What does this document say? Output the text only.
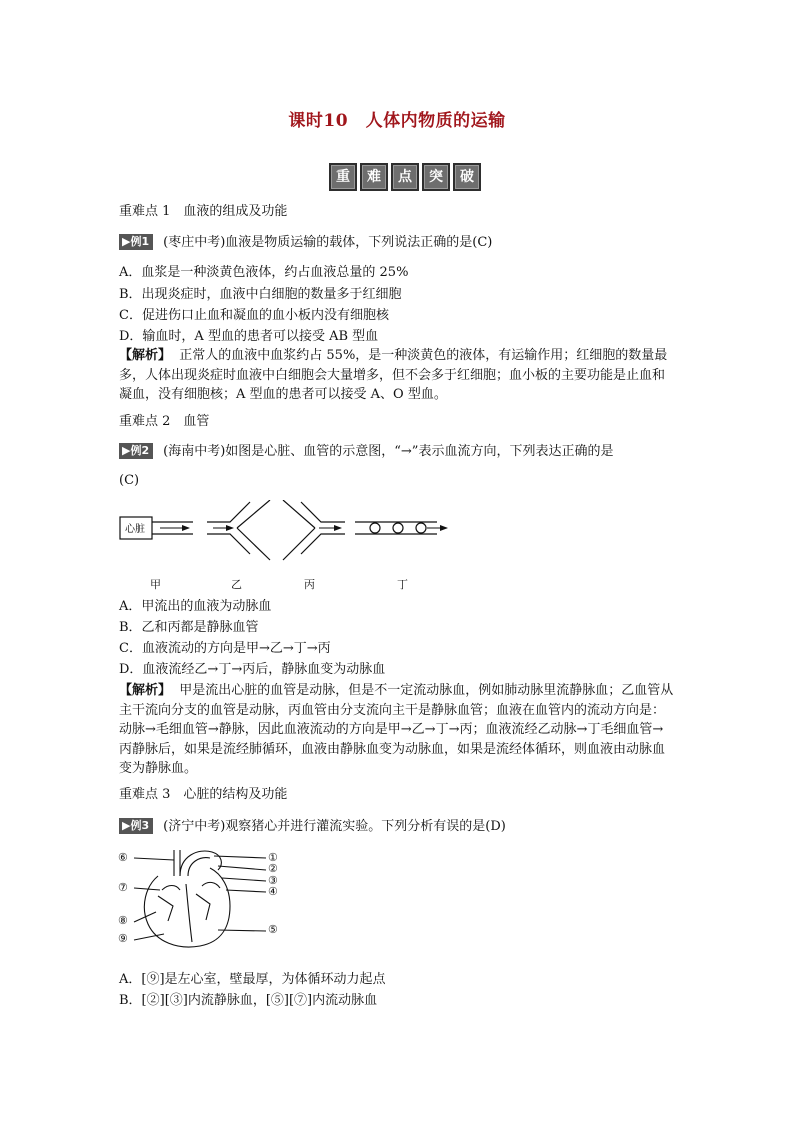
课时10　人体内物质的运输
重	难	点	突	破
重难点 1　血液的组成及功能
▶例1 (枣庄中考)血液是物质运输的载体，下列说法正确的是(C)
A．血浆是一种淡黄色液体，约占血液总量的 25%
B．出现炎症时，血液中白细胞的数量多于红细胞
C．促进伤口止血和凝血的血小板内没有细胞核
D．输血时，A 型血的患者可以接受 AB 型血
【解析】 正常人的血液中血浆约占 55%，是一种淡黄色的液体，有运输作用；红细胞的数量最多，人体出现炎症时血液中白细胞会大量增多，但不会多于红细胞；血小板的主要功能是止血和凝血，没有细胞核；A 型血的患者可以接受 A、O 型血。
重难点 2　血管
▶例2 (海南中考)如图是心脏、血管的示意图，“→”表示血流方向，下列表达正确的是
(C)
心脏
甲	乙	丙	丁
A．甲流出的血液为动脉血
B．乙和丙都是静脉血管
C．血液流动的方向是甲→乙→丁→丙
D．血液流经乙→丁→丙后，静脉血变为动脉血
【解析】 甲是流出心脏的血管是动脉，但是不一定流动脉血，例如肺动脉里流静脉血；乙血管从主干流向分支的血管是动脉，丙血管由分支流向主干是静脉血管；血液在血管内的流动方向是：动脉→毛细血管→静脉，因此血液流动的方向是甲→乙→丁→丙；血液流经乙动脉→丁毛细血管→丙静脉后，如果是流经肺循环，血液由静脉血变为动脉血，如果是流经体循环，则血液由动脉血变为静脉血。
重难点 3　心脏的结构及功能
▶例3 (济宁中考)观察猪心并进行灌流实验。下列分析有误的是(D)
⑥
⑦
⑧
⑨
①
②
③
④
⑤
A．[⑨]是左心室，壁最厚，为体循环动力起点
B．[②][③]内流静脉血，[⑤][⑦]内流动脉血
